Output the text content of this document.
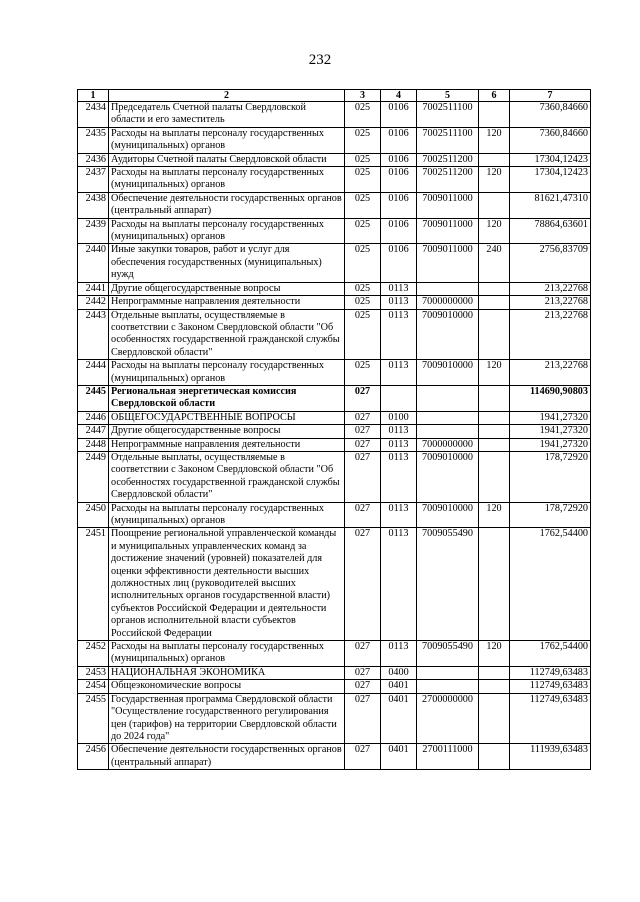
232
1	2	3	4	5	6	7
2434	Председатель Счетной палаты Свердловской области и его заместитель	025	0106	7002511100		7360,84660
2435	Расходы на выплаты персоналу государственных (муниципальных) органов	025	0106	7002511100	120	7360,84660
2436	Аудиторы Счетной палаты Свердловской области	025	0106	7002511200		17304,12423
2437	Расходы на выплаты персоналу государственных (муниципальных) органов	025	0106	7002511200	120	17304,12423
2438	Обеспечение деятельности государственных органов (центральный аппарат)	025	0106	7009011000		81621,47310
2439	Расходы на выплаты персоналу государственных (муниципальных) органов	025	0106	7009011000	120	78864,63601
2440	Иные закупки товаров, работ и услуг для обеспечения государственных (муниципальных) нужд	025	0106	7009011000	240	2756,83709
2441	Другие общегосударственные вопросы	025	0113			213,22768
2442	Непрограммные направления деятельности	025	0113	7000000000		213,22768
2443	Отдельные выплаты, осуществляемые в соответствии с Законом Свердловской области "Об особенностях государственной гражданской службы Свердловской области"	025	0113	7009010000		213,22768
2444	Расходы на выплаты персоналу государственных (муниципальных) органов	025	0113	7009010000	120	213,22768
2445	Региональная энергетическая комиссия Свердловской области	027				114690,90803
2446	ОБЩЕГОСУДАРСТВЕННЫЕ ВОПРОСЫ	027	0100			1941,27320
2447	Другие общегосударственные вопросы	027	0113			1941,27320
2448	Непрограммные направления деятельности	027	0113	7000000000		1941,27320
2449	Отдельные выплаты, осуществляемые в соответствии с Законом Свердловской области "Об особенностях государственной гражданской службы Свердловской области"	027	0113	7009010000		178,72920
2450	Расходы на выплаты персоналу государственных (муниципальных) органов	027	0113	7009010000	120	178,72920
2451	Поощрение региональной управленческой команды и муниципальных управленческих команд за достижение значений (уровней) показателей для оценки эффективности деятельности высших должностных лиц (руководителей высших исполнительных органов государственной власти) субъектов Российской Федерации и деятельности органов исполнительной власти субъектов Российской Федерации	027	0113	7009055490		1762,54400
2452	Расходы на выплаты персоналу государственных (муниципальных) органов	027	0113	7009055490	120	1762,54400
2453	НАЦИОНАЛЬНАЯ ЭКОНОМИКА	027	0400			112749,63483
2454	Общеэкономические вопросы	027	0401			112749,63483
2455	Государственная программа Свердловской области "Осуществление государственного регулирования цен (тарифов) на территории Свердловской области до 2024 года"	027	0401	2700000000		112749,63483
2456	Обеспечение деятельности государственных органов (центральный аппарат)	027	0401	2700111000		111939,63483
